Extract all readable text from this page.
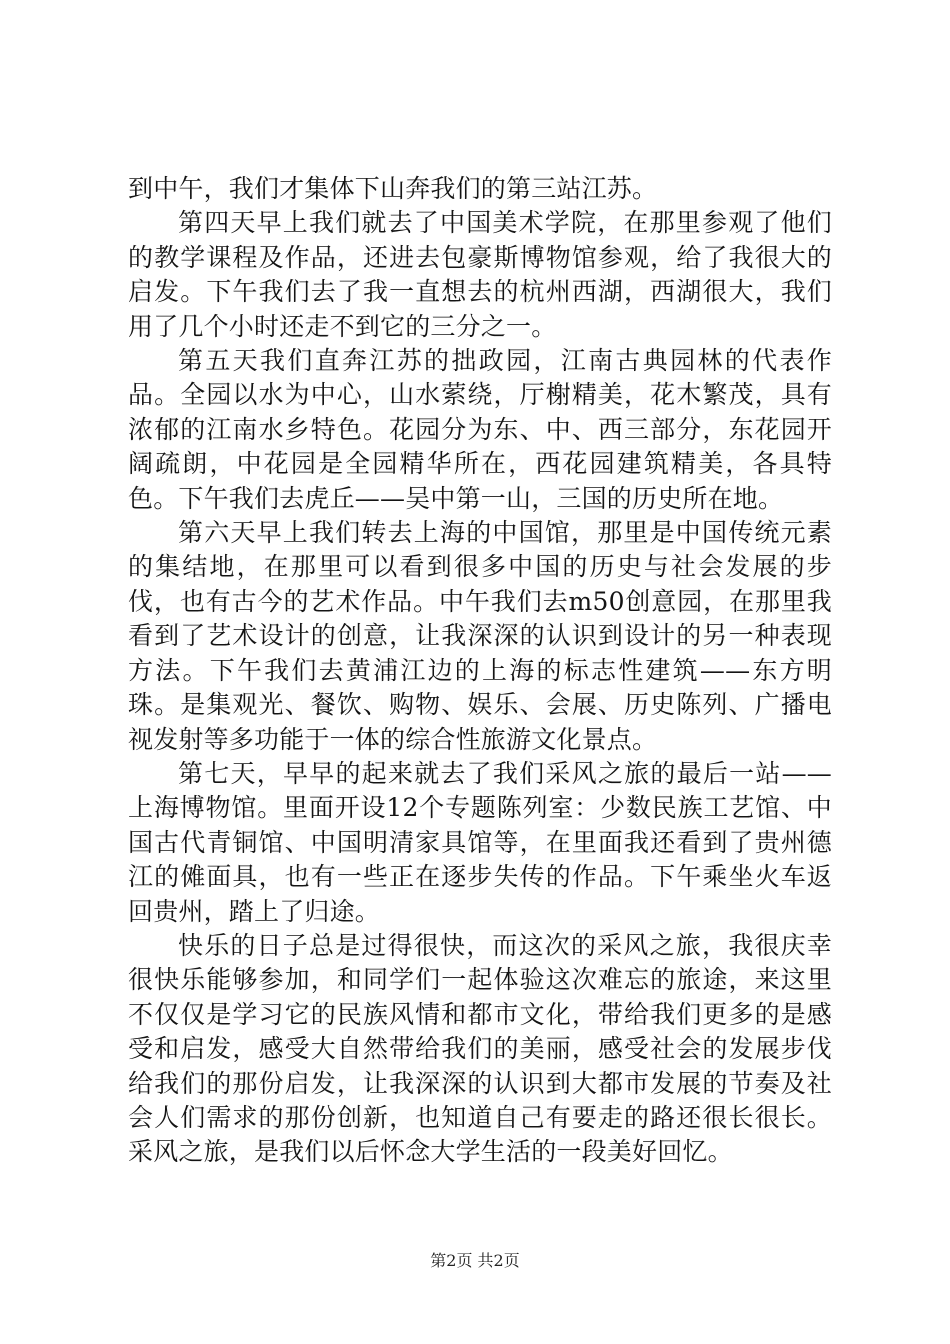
到中午，我们才集体下山奔我们的第三站江苏。

第四天早上我们就去了中国美术学院，在那里参观了他们的教学课程及作品，还进去包豪斯博物馆参观，给了我很大的启发。下午我们去了我一直想去的杭州西湖，西湖很大，我们用了几个小时还走不到它的三分之一。

第五天我们直奔江苏的拙政园，江南古典园林的代表作品。全园以水为中心，山水萦绕，厅榭精美，花木繁茂，具有浓郁的江南水乡特色。花园分为东、中、西三部分，东花园开阔疏朗，中花园是全园精华所在，西花园建筑精美，各具特色。下午我们去虎丘——吴中第一山，三国的历史所在地。

第六天早上我们转去上海的中国馆，那里是中国传统元素的集结地，在那里可以看到很多中国的历史与社会发展的步伐，也有古今的艺术作品。中午我们去m50创意园，在那里我看到了艺术设计的创意，让我深深的认识到设计的另一种表现方法。下午我们去黄浦江边的上海的标志性建筑——东方明珠。是集观光、餐饮、购物、娱乐、会展、历史陈列、广播电视发射等多功能于一体的综合性旅游文化景点。

第七天，早早的起来就去了我们采风之旅的最后一站——上海博物馆。里面开设12个专题陈列室：少数民族工艺馆、中国古代青铜馆、中国明清家具馆等，在里面我还看到了贵州德江的傩面具，也有一些正在逐步失传的作品。下午乘坐火车返回贵州，踏上了归途。

快乐的日子总是过得很快，而这次的采风之旅，我很庆幸很快乐能够参加，和同学们一起体验这次难忘的旅途，来这里不仅仅是学习它的民族风情和都市文化，带给我们更多的是感受和启发，感受大自然带给我们的美丽，感受社会的发展步伐给我们的那份启发，让我深深的认识到大都市发展的节奏及社会人们需求的那份创新，也知道自己有要走的路还很长很长。采风之旅，是我们以后怀念大学生活的一段美好回忆。

第2页 共2页
